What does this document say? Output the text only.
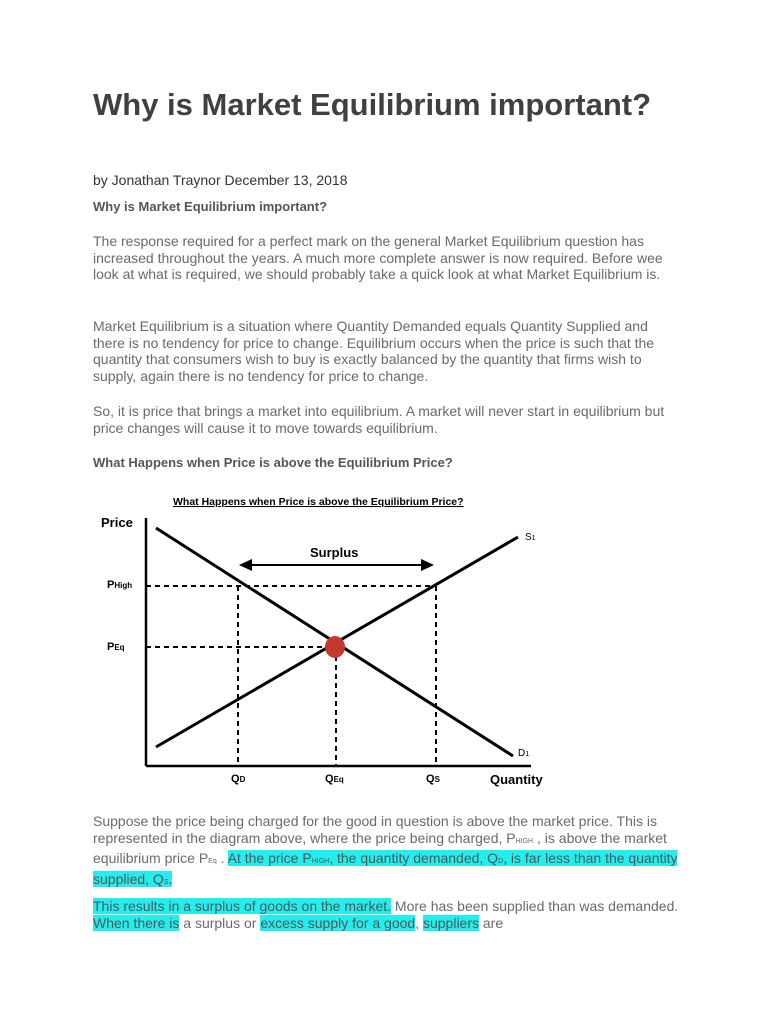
Why is Market Equilibrium important?
by Jonathan Traynor December 13, 2018
Why is Market Equilibrium important?

The response required for a perfect mark on the general Market Equilibrium question has increased throughout the years. A much more complete answer is now required. Before wee look at what is required, we should probably take a quick look at what Market Equilibrium is.

Market Equilibrium is a situation where Quantity Demanded equals Quantity Supplied and there is no tendency for price to change. Equilibrium occurs when the price is such that the quantity that consumers wish to buy is exactly balanced by the quantity that firms wish to supply, again there is no tendency for price to change.

So, it is price that brings a market into equilibrium. A market will never start in equilibrium but price changes will cause it to move towards equilibrium.

What Happens when Price is above the Equilibrium Price?

Suppose the price being charged for the good in question is above the market price. This is represented in the diagram above, where the price being charged, PHIGH , is above the market equilibrium price PEq . At the price PHIGH, the quantity demanded, QD, is far less than the quantity supplied, QS.

This results in a surplus of goods on the market. More has been supplied than was demanded. When there is a surplus or excess supply for a good, suppliers are

What Happens when Price is above the Equilibrium Price?
Price
Quantity
Surplus
PHigh
PEq
QD	QEq	QS
S1
D1
